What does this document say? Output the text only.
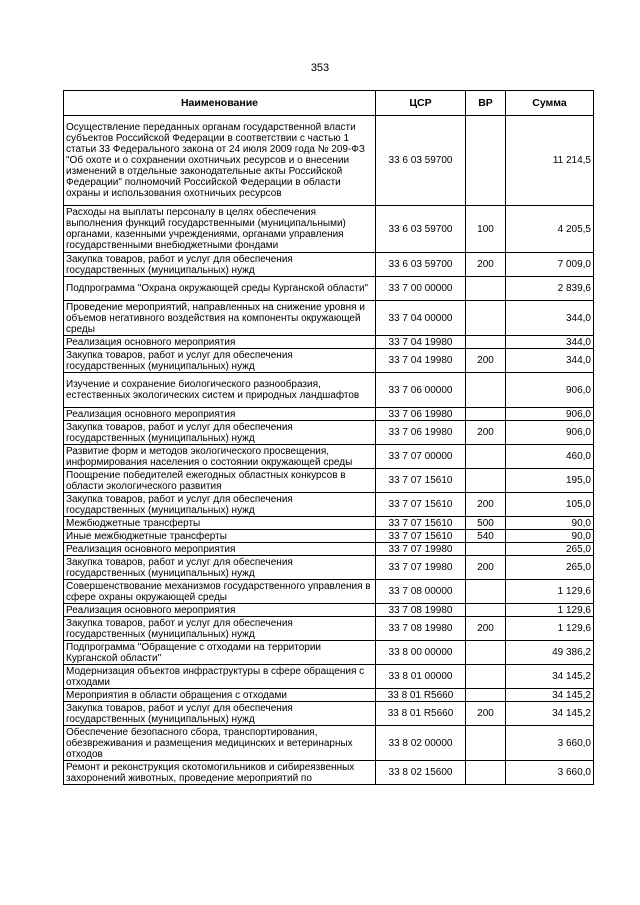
353
Наименование	ЦСР	ВР	Сумма
Осуществление переданных органам государственной власти субъектов Российской Федерации в соответствии с частью 1 статьи 33 Федерального закона от 24 июля 2009 года № 209-ФЗ "Об охоте и о сохранении охотничьих ресурсов и о внесении изменений в отдельные законодательные акты Российской Федерации" полномочий Российской Федерации в области охраны и использования охотничьих ресурсов	33 6 03 59700		11 214,5
Расходы на выплаты персоналу в целях обеспечения выполнения функций государственными (муниципальными) органами, казенными учреждениями, органами управления государственными внебюджетными фондами	33 6 03 59700	100	4 205,5
Закупка товаров, работ и услуг для обеспечения государственных (муниципальных) нужд	33 6 03 59700	200	7 009,0
Подпрограмма "Охрана окружающей среды Курганской области"	33 7 00 00000		2 839,6
Проведение мероприятий, направленных на снижение уровня и объемов негативного воздействия на компоненты окружающей среды	33 7 04 00000		344,0
Реализация основного мероприятия	33 7 04 19980		344,0
Закупка товаров, работ и услуг для обеспечения государственных (муниципальных) нужд	33 7 04 19980	200	344,0
Изучение и сохранение биологического разнообразия, естественных экологических систем и природных ландшафтов	33 7 06 00000		906,0
Реализация основного мероприятия	33 7 06 19980		906,0
Закупка товаров, работ и услуг для обеспечения государственных (муниципальных) нужд	33 7 06 19980	200	906,0
Развитие форм и методов экологического просвещения, информирования населения о состоянии окружающей среды	33 7 07 00000		460,0
Поощрение победителей ежегодных областных конкурсов в области экологического развития	33 7 07 15610		195,0
Закупка товаров, работ и услуг для обеспечения государственных (муниципальных) нужд	33 7 07 15610	200	105,0
Межбюджетные трансферты	33 7 07 15610	500	90,0
Иные межбюджетные трансферты	33 7 07 15610	540	90,0
Реализация основного мероприятия	33 7 07 19980		265,0
Закупка товаров, работ и услуг для обеспечения государственных (муниципальных) нужд	33 7 07 19980	200	265,0
Совершенствование механизмов государственного управления в сфере охраны окружающей среды	33 7 08 00000		1 129,6
Реализация основного мероприятия	33 7 08 19980		1 129,6
Закупка товаров, работ и услуг для обеспечения государственных (муниципальных) нужд	33 7 08 19980	200	1 129,6
Подпрограмма "Обращение с отходами на территории Курганской области"	33 8 00 00000		49 386,2
Модернизация объектов инфраструктуры в сфере обращения с отходами	33 8 01 00000		34 145,2
Мероприятия в области обращения с отходами	33 8 01 R5660		34 145,2
Закупка товаров, работ и услуг для обеспечения государственных (муниципальных) нужд	33 8 01 R5660	200	34 145,2
Обеспечение безопасного сбора, транспортирования, обезвреживания и размещения медицинских и ветеринарных отходов	33 8 02 00000		3 660,0
Ремонт и реконструкция скотомогильников и сибиреязвенных захоронений животных, проведение мероприятий по	33 8 02 15600		3 660,0
